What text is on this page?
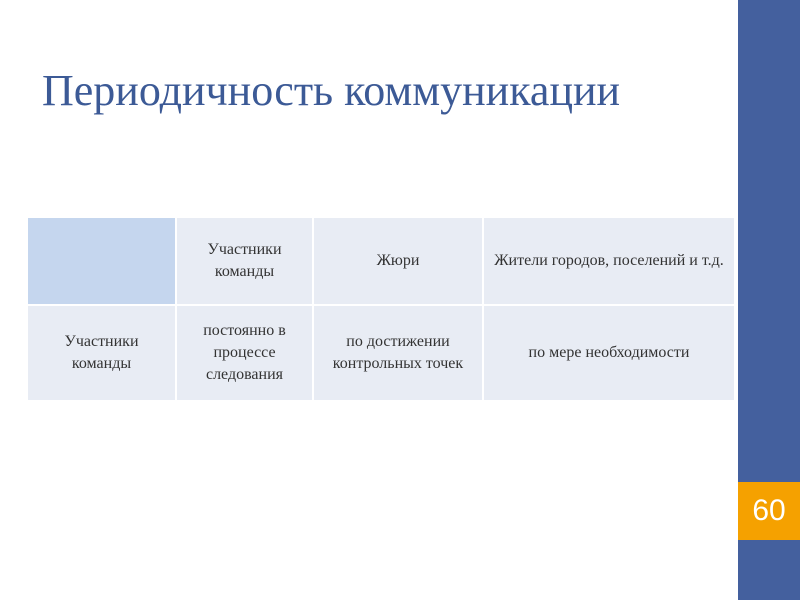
60
Периодичность коммуникации
	Участники команды	Жюри	Жители городов, поселений и т.д.
Участники команды	постоянно в процессе следования	по достижении контрольных точек	по мере необходимости
